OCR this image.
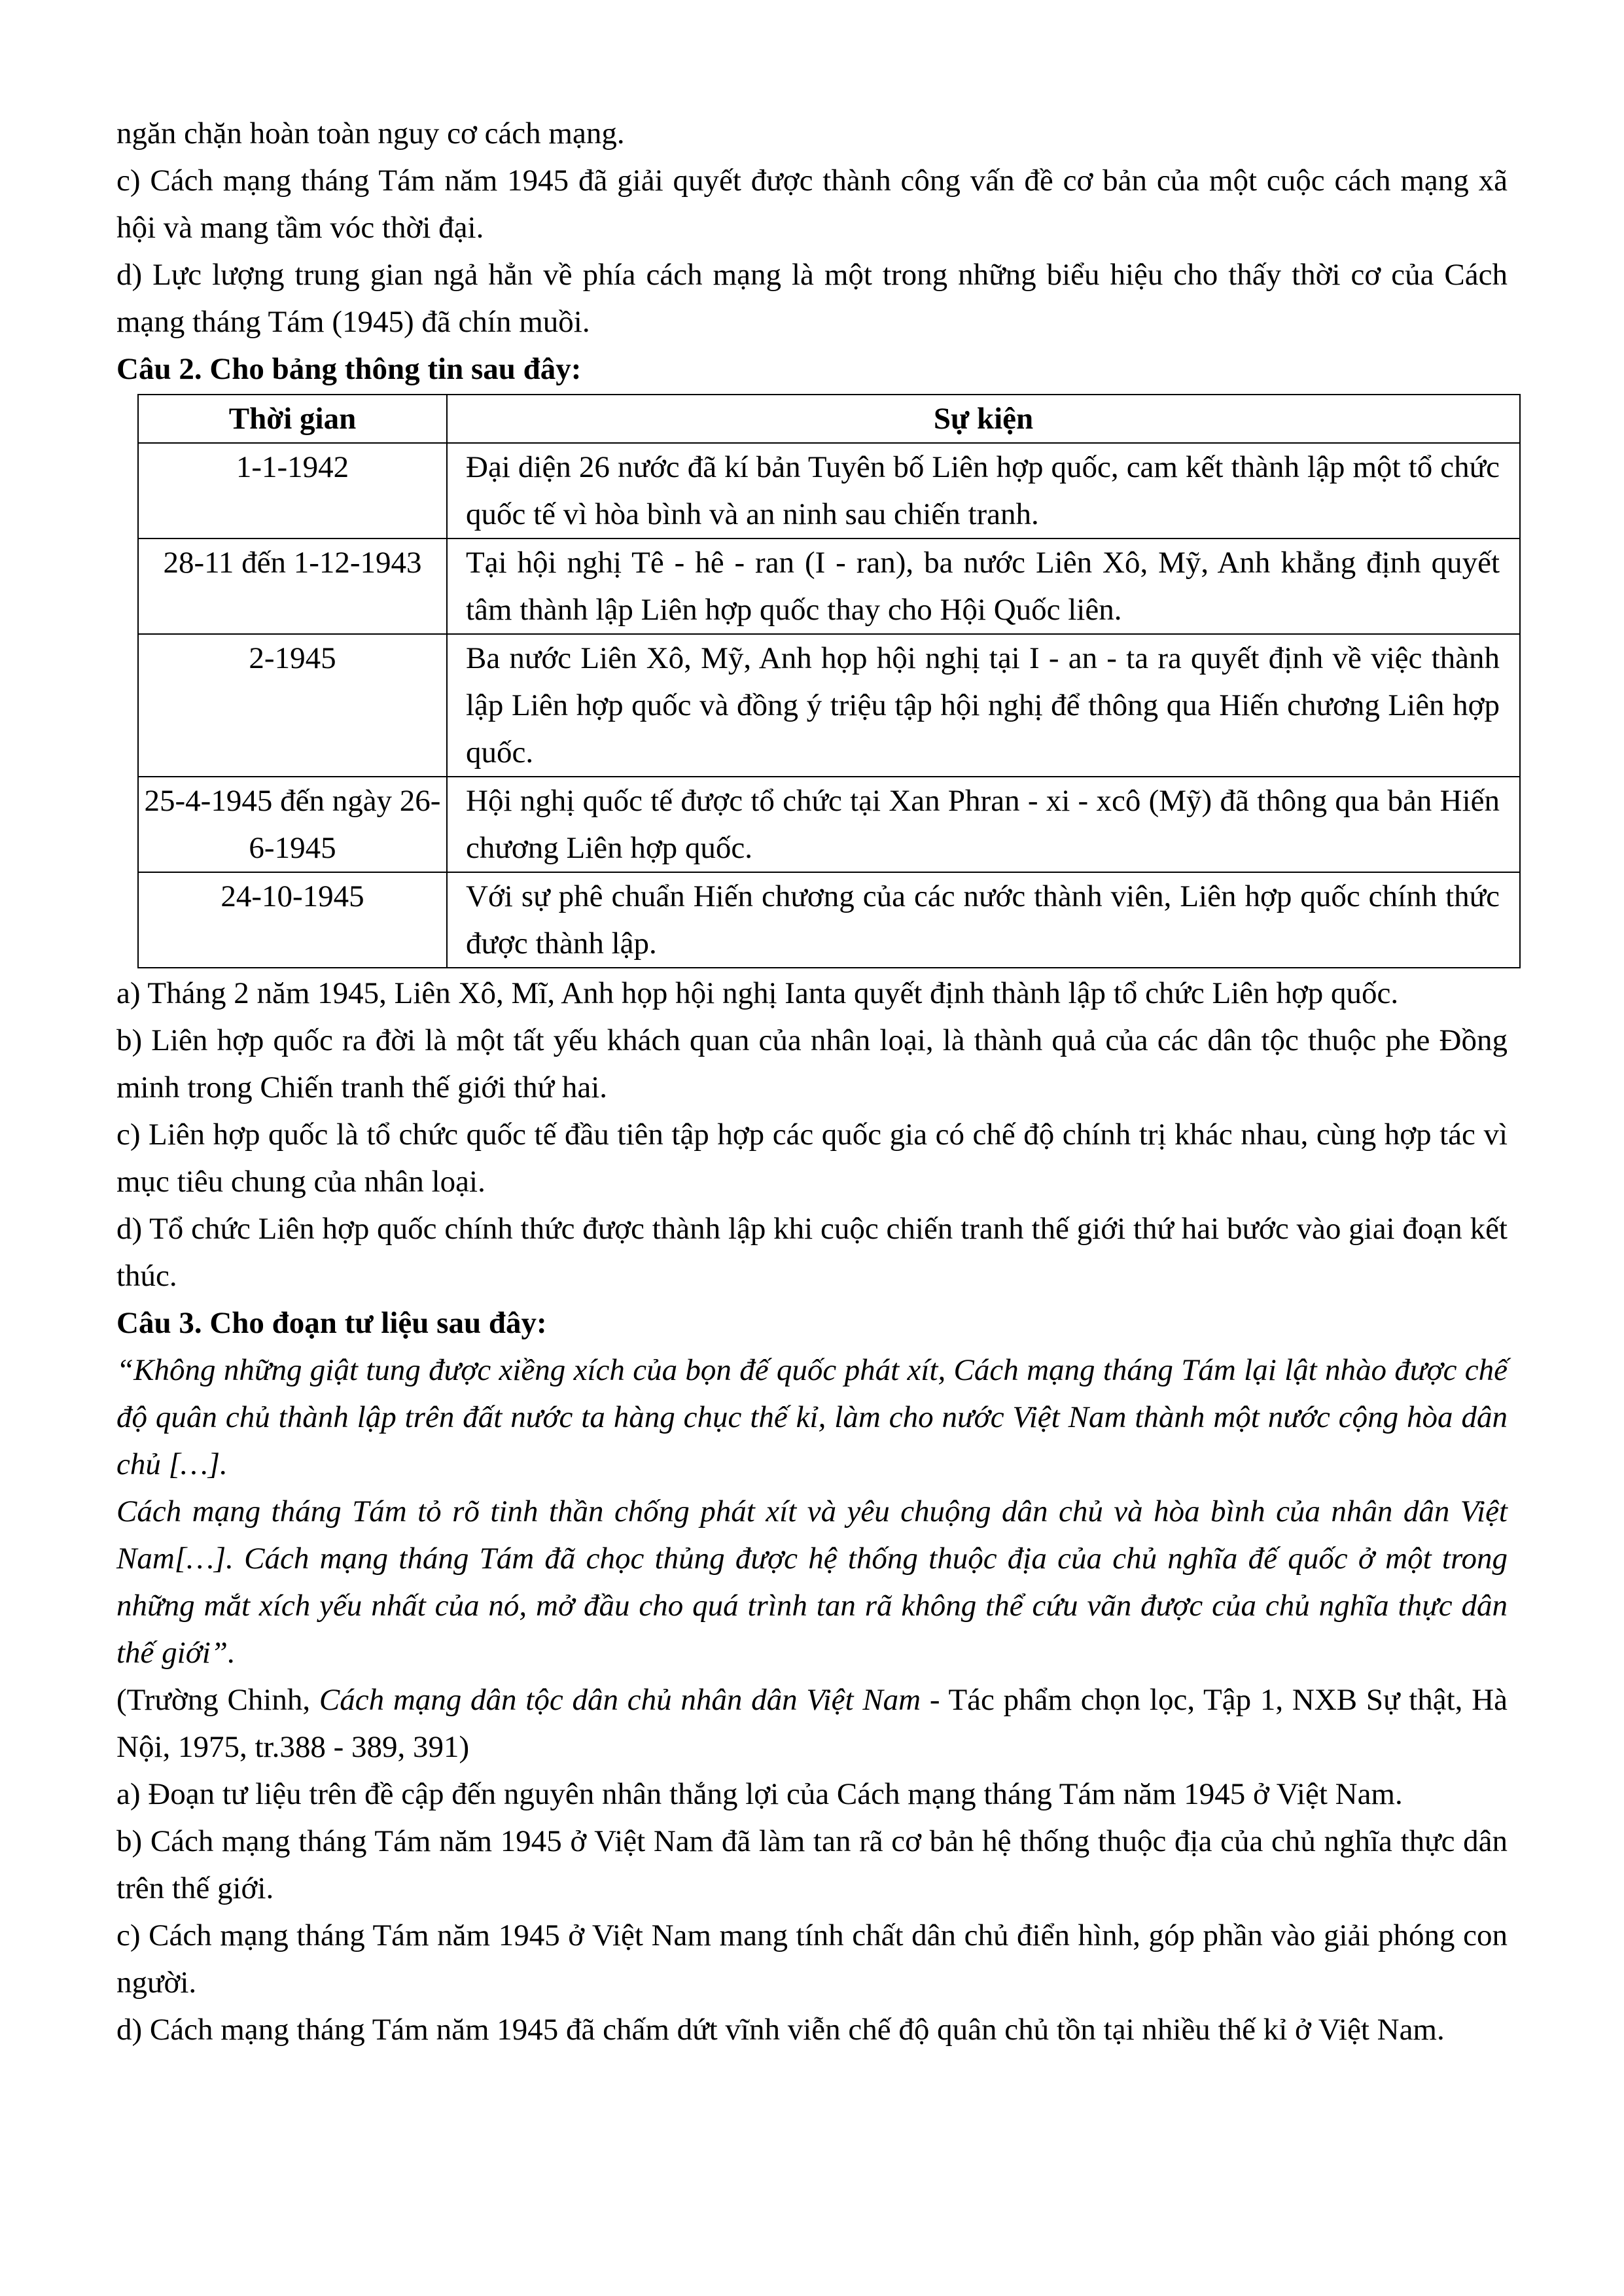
ngăn chặn hoàn toàn nguy cơ cách mạng.

c) Cách mạng tháng Tám năm 1945 đã giải quyết được thành công vấn đề cơ bản của một cuộc cách mạng xã hội và mang tầm vóc thời đại.

d) Lực lượng trung gian ngả hẳn về phía cách mạng là một trong những biểu hiệu cho thấy thời cơ của Cách mạng tháng Tám (1945) đã chín muồi.

Câu 2. Cho bảng thông tin sau đây:

Thời gian	Sự kiện
1-1-1942	Đại diện 26 nước đã kí bản Tuyên bố Liên hợp quốc, cam kết thành lập một tổ chức quốc tế vì hòa bình và an ninh sau chiến tranh.
28-11 đến 1-12-1943	Tại hội nghị Tê - hê - ran (I - ran), ba nước Liên Xô, Mỹ, Anh khẳng định quyết tâm thành lập Liên hợp quốc thay cho Hội Quốc liên.
2-1945	Ba nước Liên Xô, Mỹ, Anh họp hội nghị tại I - an - ta ra quyết định về việc thành lập Liên hợp quốc và đồng ý triệu tập hội nghị để thông qua Hiến chương Liên hợp quốc.
25-4-1945 đến ngày 26-6-1945	Hội nghị quốc tế được tổ chức tại Xan Phran - xi - xcô (Mỹ) đã thông qua bản Hiến chương Liên hợp quốc.
24-10-1945	Với sự phê chuẩn Hiến chương của các nước thành viên, Liên hợp quốc chính thức được thành lập.

a) Tháng 2 năm 1945, Liên Xô, Mĩ, Anh họp hội nghị Ianta quyết định thành lập tổ chức Liên hợp quốc.

b) Liên hợp quốc ra đời là một tất yếu khách quan của nhân loại, là thành quả của các dân tộc thuộc phe Đồng minh trong Chiến tranh thế giới thứ hai.

c) Liên hợp quốc là tổ chức quốc tế đầu tiên tập hợp các quốc gia có chế độ chính trị khác nhau, cùng hợp tác vì mục tiêu chung của nhân loại.

d) Tổ chức Liên hợp quốc chính thức được thành lập khi cuộc chiến tranh thế giới thứ hai bước vào giai đoạn kết thúc.

Câu 3. Cho đoạn tư liệu sau đây:

“Không những giật tung được xiềng xích của bọn đế quốc phát xít, Cách mạng tháng Tám lại lật nhào được chế độ quân chủ thành lập trên đất nước ta hàng chục thế kỉ, làm cho nước Việt Nam thành một nước cộng hòa dân chủ […].

Cách mạng tháng Tám tỏ rõ tinh thần chống phát xít và yêu chuộng dân chủ và hòa bình của nhân dân Việt Nam[…]. Cách mạng tháng Tám đã chọc thủng được hệ thống thuộc địa của chủ nghĩa đế quốc ở một trong những mắt xích yếu nhất của nó, mở đầu cho quá trình tan rã không thể cứu vãn được của chủ nghĩa thực dân thế giới”.

(Trường Chinh, Cách mạng dân tộc dân chủ nhân dân Việt Nam - Tác phẩm chọn lọc, Tập 1, NXB Sự thật, Hà Nội, 1975, tr.388 - 389, 391)

a) Đoạn tư liệu trên đề cập đến nguyên nhân thắng lợi của Cách mạng tháng Tám năm 1945 ở Việt Nam.

b) Cách mạng tháng Tám năm 1945 ở Việt Nam đã làm tan rã cơ bản hệ thống thuộc địa của chủ nghĩa thực dân trên thế giới.

c) Cách mạng tháng Tám năm 1945 ở Việt Nam mang tính chất dân chủ điển hình, góp phần vào giải phóng con người.

d) Cách mạng tháng Tám năm 1945 đã chấm dứt vĩnh viễn chế độ quân chủ tồn tại nhiều thế kỉ ở Việt Nam.
